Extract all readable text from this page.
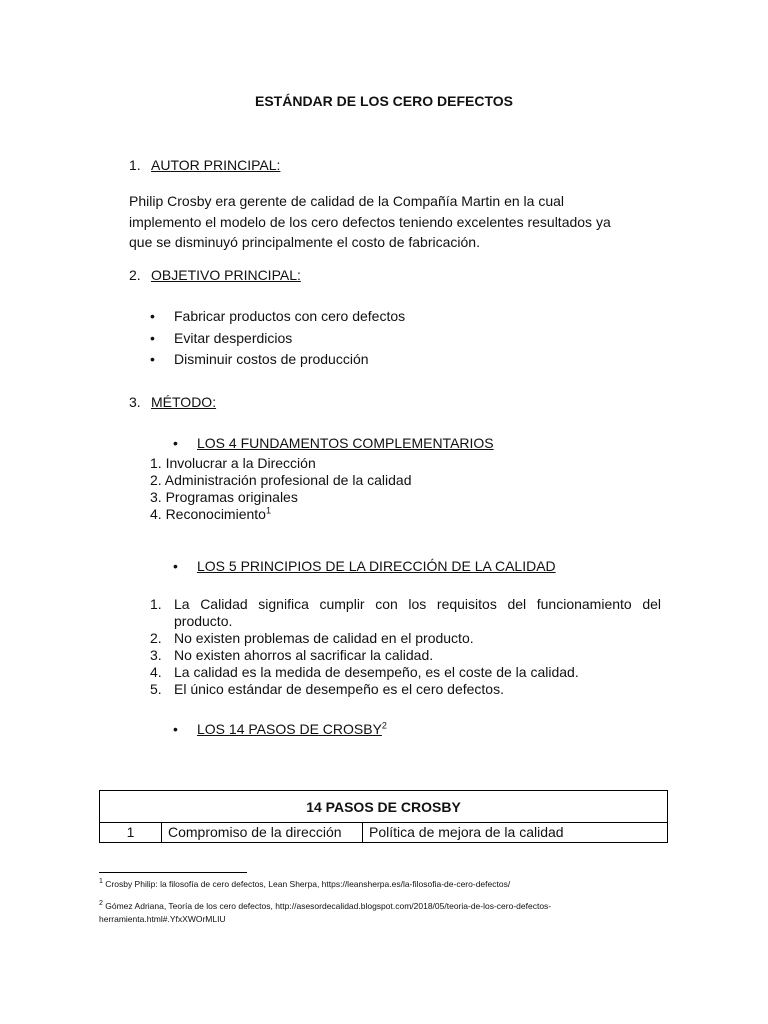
ESTÁNDAR DE LOS CERO DEFECTOS
1. AUTOR PRINCIPAL:
Philip Crosby era gerente de calidad de la Compañía Martin en la cual
implemento el modelo de los cero defectos teniendo excelentes resultados ya
que se disminuyó principalmente el costo de fabricación.
2. OBJETIVO PRINCIPAL:
• Fabricar productos con cero defectos
• Evitar desperdicios
• Disminuir costos de producción
3. MÉTODO:
• LOS 4 FUNDAMENTOS COMPLEMENTARIOS
1. Involucrar a la Dirección
2. Administración profesional de la calidad
3. Programas originales
4. Reconocimiento$^1$
• LOS 5 PRINCIPIOS DE LA DIRECCIÓN DE LA CALIDAD
1. La Calidad significa cumplir con los requisitos del funcionamiento del producto.
2. No existen problemas de calidad en el producto.
3. No existen ahorros al sacrificar la calidad.
4. La calidad es la medida de desempeño, es el coste de la calidad.
5. El único estándar de desempeño es el cero defectos.
• LOS 14 PASOS DE CROSBY$^2$
14 PASOS DE CROSBY
1	Compromiso de la dirección	Política de mejora de la calidad
$^1$ Crosby Philip: la filosofía de cero defectos, Lean Sherpa, https://leansherpa.es/la-filosofia-de-cero-defectos/
$^2$ Gómez Adriana, Teoría de los cero defectos, http://asesordecalidad.blogspot.com/2018/05/teoria-de-los-cero-defectos-
herramienta.html#.YfxXWOrMLIU
